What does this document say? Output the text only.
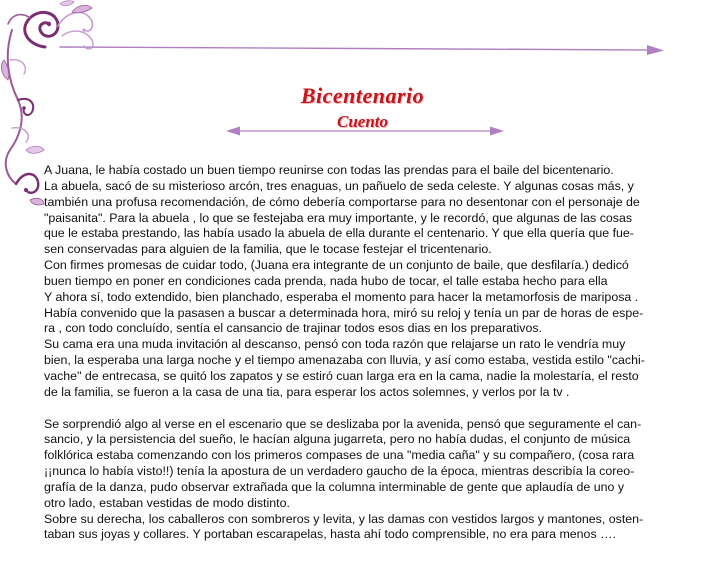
Bicentenario
Cuento

A Juana, le había costado un buen tiempo reunirse con todas las prendas para el baile del bicentenario.

La abuela, sacó de su misterioso arcón, tres enaguas, un pañuelo de seda celeste. Y algunas cosas más, y

también una profusa recomendación, de cómo debería comportarse para no desentonar con el personaje de

"paisanita". Para la abuela , lo que se festejaba era muy importante, y le recordó, que algunas de las cosas

que le estaba prestando, las había usado la abuela de ella durante el centenario. Y que ella quería que fue-

sen conservadas para alguien de la familia, que le tocase festejar el tricentenario.

Con firmes promesas de cuidar todo, (Juana era integrante de un conjunto de baile, que desfilaría.) dedicó

buen tiempo en poner en condiciones cada prenda, nada hubo de tocar, el talle estaba hecho para ella

Y ahora sí, todo extendido, bien planchado, esperaba el momento para hacer la metamorfosis de mariposa .

Había convenido que la pasasen a buscar a determinada hora, miró su reloj y tenía un par de horas de espe-

ra , con todo concluído, sentía el cansancio de trajinar todos esos dias en los preparativos.

Su cama era una muda invitación al descanso, pensó con toda razón que relajarse un rato le vendría muy

bien, la esperaba una larga noche y el tiempo amenazaba con lluvia, y así como estaba, vestida estilo "cachi-

vache" de entrecasa, se quitó los zapatos y se estiró cuan larga era en la cama, nadie la molestaría, el resto

de la familia, se fueron a la casa de una tia, para esperar los actos solemnes, y verlos por la tv .

Se sorprendió algo al verse en el escenario que se deslizaba por la avenida, pensó que seguramente el can-

sancio, y la persistencia del sueño, le hacían alguna jugarreta, pero no había dudas, el conjunto de música

folklórica estaba comenzando con los primeros compases de una "media caña" y su compañero, (cosa rara

¡¡nunca lo había visto!!) tenía la apostura de un verdadero gaucho de la época, mientras describía la coreo-

grafía de la danza, pudo observar extrañada que la columna interminable de gente que aplaudía de uno y

otro lado, estaban vestidas de modo distinto.

Sobre su derecha, los caballeros con sombreros y levita, y las damas con vestidos largos y mantones, osten-

taban sus joyas y collares. Y portaban escarapelas, hasta ahí todo comprensible, no era para menos ….
